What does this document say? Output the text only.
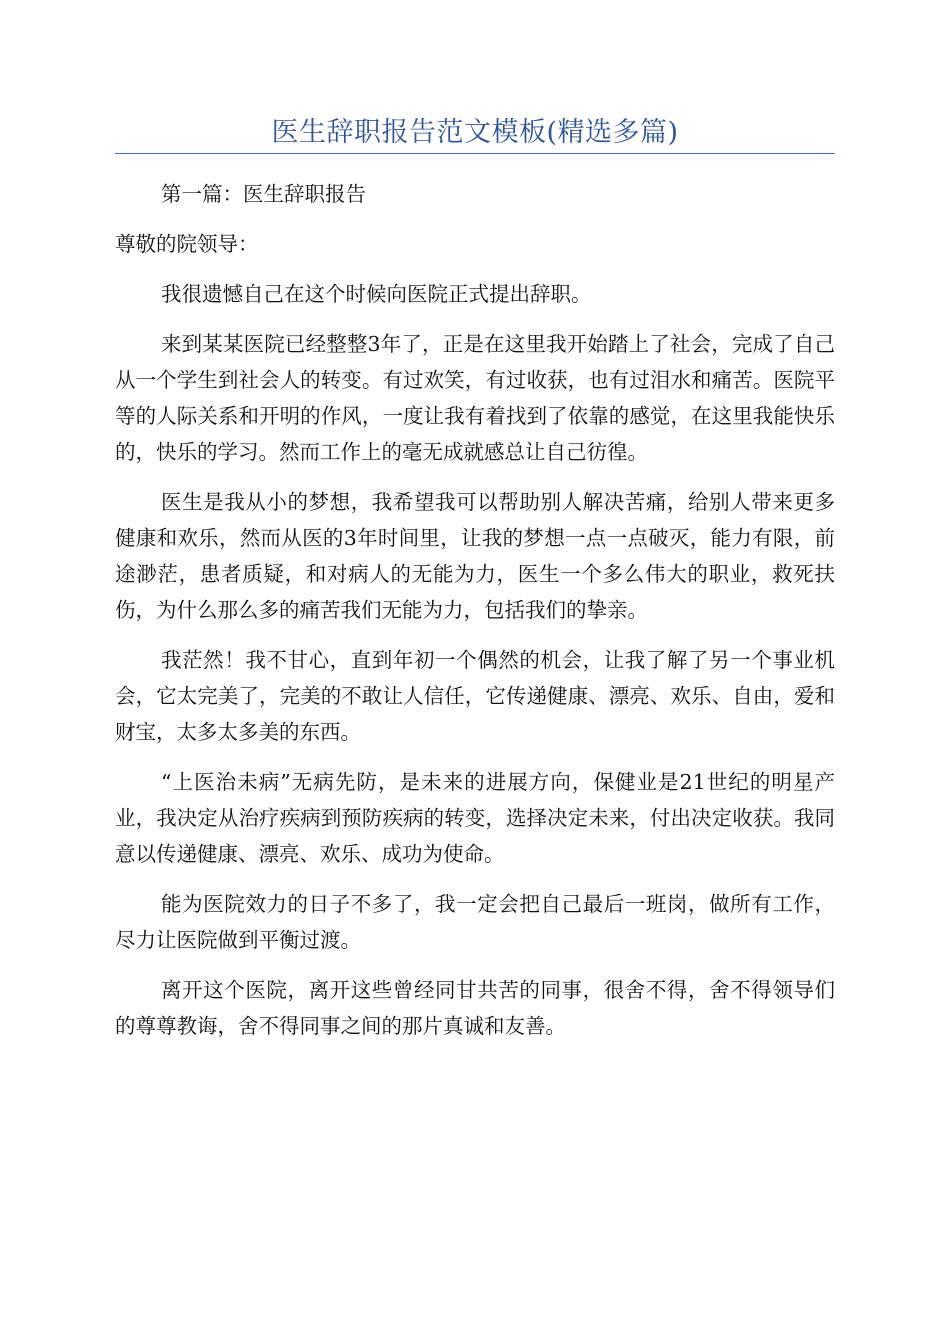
医生辞职报告范文模板(精选多篇)

第一篇：医生辞职报告

尊敬的院领导：

我很遗憾自己在这个时候向医院正式提出辞职。

来到某某医院已经整整3年了，正是在这里我开始踏上了社会，完成了自己从一个学生到社会人的转变。有过欢笑，有过收获，也有过泪水和痛苦。医院平等的人际关系和开明的作风，一度让我有着找到了依靠的感觉，在这里我能快乐的，快乐的学习。然而工作上的毫无成就感总让自己彷徨。

医生是我从小的梦想，我希望我可以帮助别人解决苦痛，给别人带来更多健康和欢乐，然而从医的3年时间里，让我的梦想一点一点破灭，能力有限，前途渺茫，患者质疑，和对病人的无能为力，医生一个多么伟大的职业，救死扶伤，为什么那么多的痛苦我们无能为力，包括我们的挚亲。

我茫然！我不甘心，直到年初一个偶然的机会，让我了解了另一个事业机会，它太完美了，完美的不敢让人信任，它传递健康、漂亮、欢乐、自由，爱和财宝，太多太多美的东西。

“上医治未病”无病先防，是未来的进展方向，保健业是21世纪的明星产业，我决定从治疗疾病到预防疾病的转变，选择决定未来，付出决定收获。我同意以传递健康、漂亮、欢乐、成功为使命。

能为医院效力的日子不多了，我一定会把自己最后一班岗，做所有工作，尽力让医院做到平衡过渡。

离开这个医院，离开这些曾经同甘共苦的同事，很舍不得，舍不得领导们的尊尊教诲，舍不得同事之间的那片真诚和友善。
